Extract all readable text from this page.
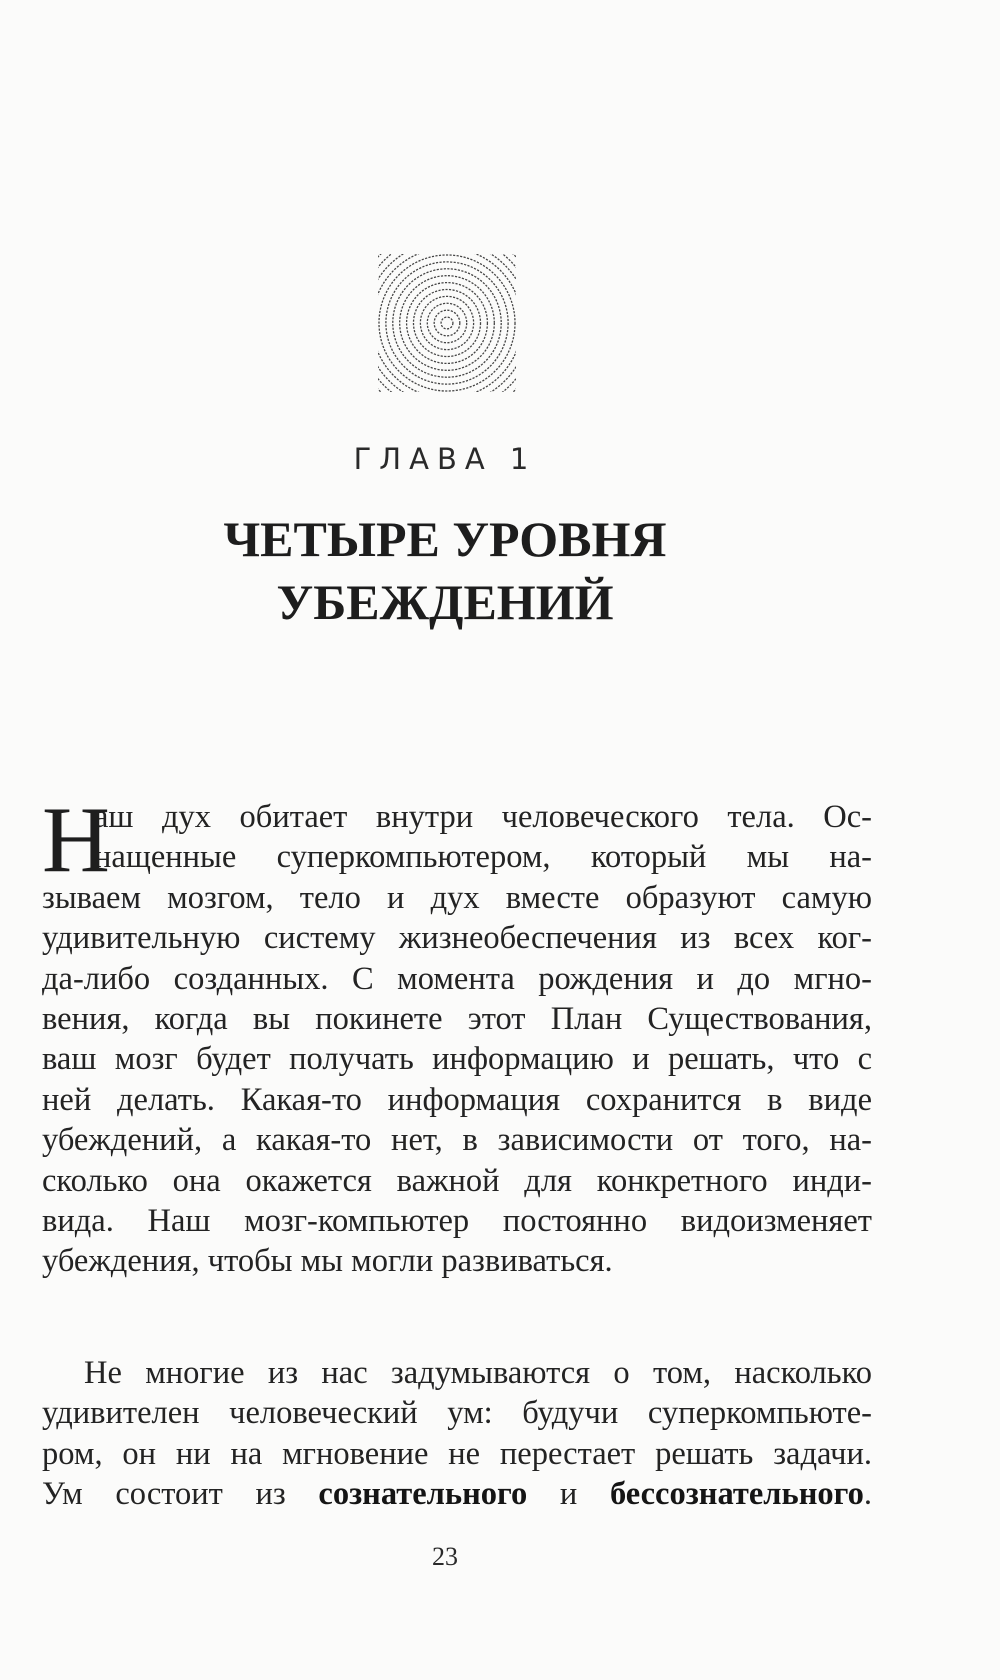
ГЛАВА 1
ЧЕТЫРЕ УРОВНЯ
УБЕЖДЕНИЙ
Н
аш дух обитает внутри человеческого тела. Ос-
нащенные суперкомпьютером, который мы на-
зываем мозгом, тело и дух вместе образуют самую
удивительную систему жизнеобеспечения из всех ког-
да-либо созданных. С момента рождения и до мгно-
вения, когда вы покинете этот План Существования,
ваш мозг будет получать информацию и решать, что с
ней делать. Какая-то информация сохранится в виде
убеждений, а какая-то нет, в зависимости от того, на-
сколько она окажется важной для конкретного инди-
вида. Наш мозг-компьютер постоянно видоизменяет
убеждения, чтобы мы могли развиваться.
Не многие из нас задумываются о том, насколько
удивителен человеческий ум: будучи суперкомпьюте-
ром, он ни на мгновение не перестает решать задачи.
Ум состоит из сознательного и бессознательного.
23
